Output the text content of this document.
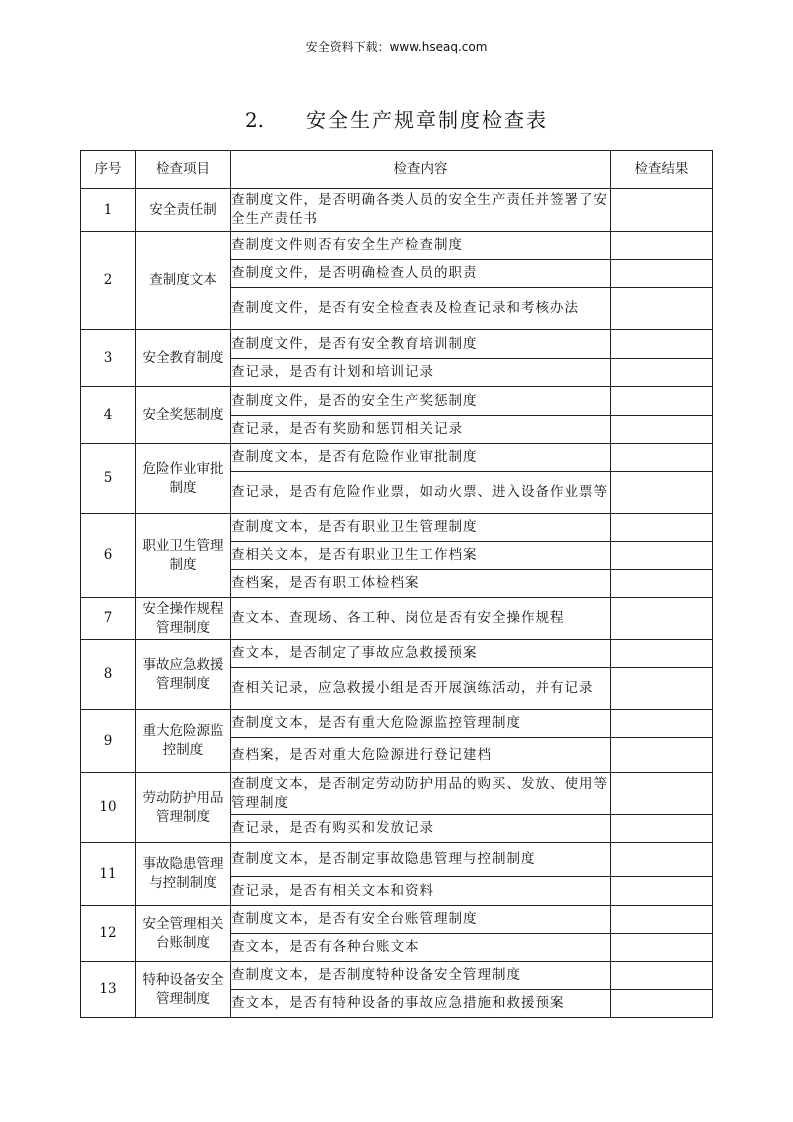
安全资料下载：www.hseaq.com
2. 安全生产规章制度检查表
序号	检查项目	检查内容	检查结果
1	安全责任制	查制度文件，是否明确各类人员的安全生产责任并签署了安全生产责任书	
2	查制度文本	查制度文件则否有安全生产检查制度	
		查制度文件，是否明确检查人员的职责	
		查制度文件，是否有安全检查表及检查记录和考核办法	
3	安全教育制度	查制度文件，是否有安全教育培训制度	
		查记录，是否有计划和培训记录	
4	安全奖惩制度	查制度文件，是否的安全生产奖惩制度	
		查记录，是否有奖励和惩罚相关记录	
5	危险作业审批制度	查制度文本，是否有危险作业审批制度	
		查记录，是否有危险作业票，如动火票、进入设备作业票等	
6	职业卫生管理制度	查制度文本，是否有职业卫生管理制度	
		查相关文本，是否有职业卫生工作档案	
		查档案，是否有职工体检档案	
7	安全操作规程管理制度	查文本、查现场、各工种、岗位是否有安全操作规程	
8	事故应急救援管理制度	查文本，是否制定了事故应急救援预案	
		查相关记录，应急救援小组是否开展演练活动，并有记录	
9	重大危险源监控制度	查制度文本，是否有重大危险源监控管理制度	
		查档案，是否对重大危险源进行登记建档	
10	劳动防护用品管理制度	查制度文本，是否制定劳动防护用品的购买、发放、使用等管理制度	
		查记录，是否有购买和发放记录	
11	事故隐患管理与控制制度	查制度文本，是否制定事故隐患管理与控制制度	
		查记录，是否有相关文本和资料	
12	安全管理相关台账制度	查制度文本，是否有安全台账管理制度	
		查文本，是否有各种台账文本	
13	特种设备安全管理制度	查制度文本，是否制度特种设备安全管理制度	
		查文本，是否有特种设备的事故应急措施和救援预案	
